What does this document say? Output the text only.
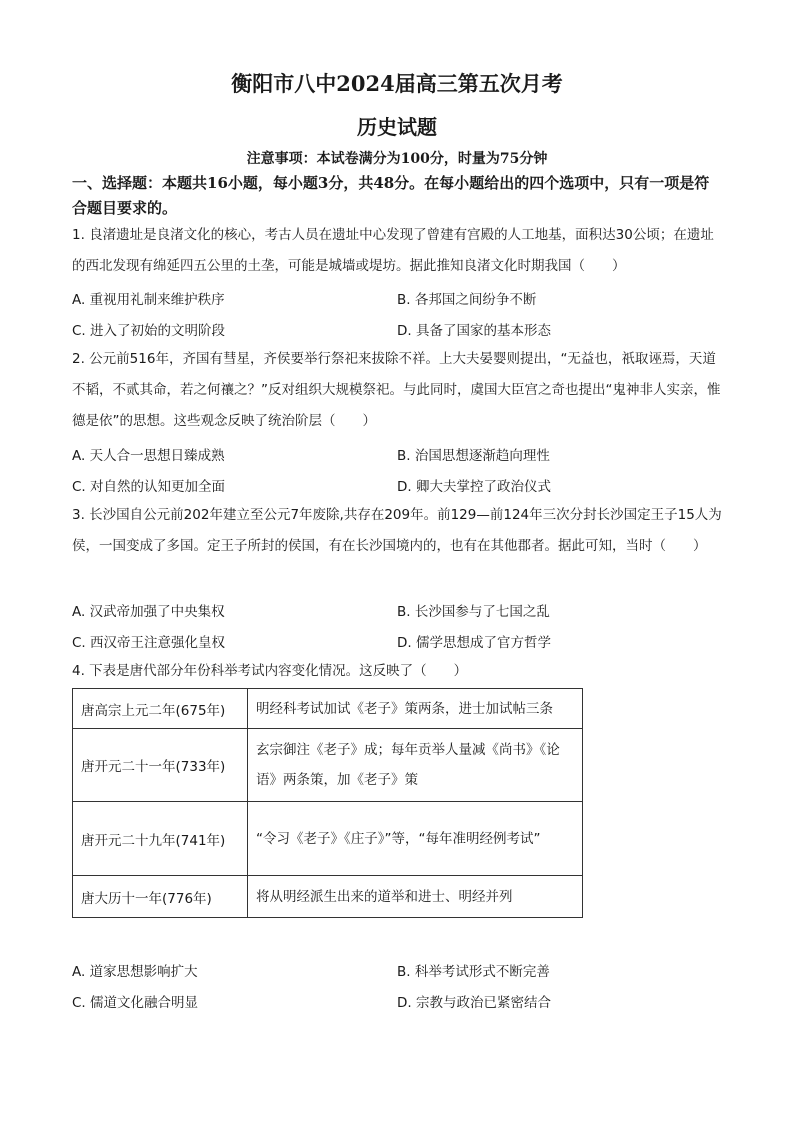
衡阳市八中2024届高三第五次月考
历史试题
注意事项：本试卷满分为100分，时量为75分钟
一、选择题：本题共16小题，每小题3分，共48分。在每小题给出的四个选项中，只有一项是符合题目要求的。
1. 良渚遗址是良渚文化的核心，考古人员在遗址中心发现了曾建有宫殿的人工地基，面积达30公顷；在遗址的西北发现有绵延四五公里的土垄，可能是城墙或堤坊。据此推知良渚文化时期我国（　　）
A. 重视用礼制来维护秩序	B. 各邦国之间纷争不断
C. 进入了初始的文明阶段	D. 具备了国家的基本形态
2. 公元前516年，齐国有彗星，齐侯要举行祭祀来拔除不祥。上大夫晏婴则提出，“无益也，祇取诬焉，天道不韬，不贰其命，若之何禳之？”反对组织大规模祭祀。与此同时，虞国大臣宫之奇也提出“鬼神非人实亲，惟德是依”的思想。这些观念反映了统治阶层（　　）
A. 天人合一思想日臻成熟	B. 治国思想逐渐趋向理性
C. 对自然的认知更加全面	D. 卿大夫掌控了政治仪式
3. 长沙国自公元前202年建立至公元7年废除,共存在209年。前129—前124年三次分封长沙国定王子15人为侯，一国变成了多国。定王子所封的侯国，有在长沙国境内的，也有在其他郡者。据此可知，当时（　　）
A. 汉武帝加强了中央集权	B. 长沙国参与了七国之乱
C. 西汉帝王注意强化皇权	D. 儒学思想成了官方哲学
4. 下表是唐代部分年份科举考试内容变化情况。这反映了（　　）
唐高宗上元二年(675年)	明经科考试加试《老子》策两条，进士加试帖三条
唐开元二十一年(733年)	玄宗御注《老子》成；每年贡举人量减《尚书》《论语》两条策，加《老子》策
唐开元二十九年(741年)	“令习《老子》《庄子》”等，“每年准明经例考试”
唐大历十一年(776年)	将从明经派生出来的道举和进士、明经并列
A. 道家思想影响扩大	B. 科举考试形式不断完善
C. 儒道文化融合明显	D. 宗教与政治已紧密结合
